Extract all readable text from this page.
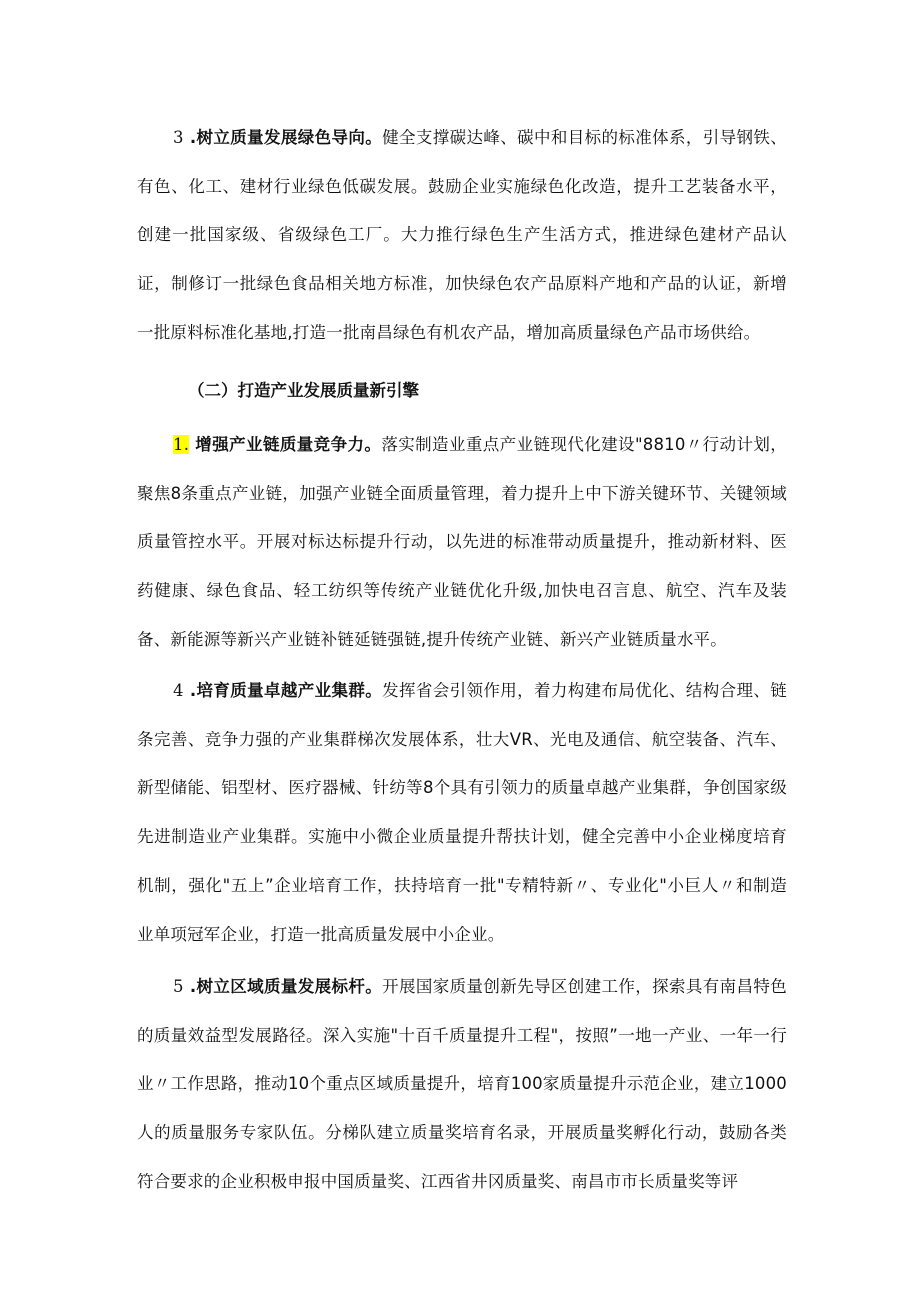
3 .树立质量发展绿色导向。健全支撑碳达峰、碳中和目标的标准体系，引导钢铁、有色、化工、建材行业绿色低碳发展。鼓励企业实施绿色化改造，提升工艺装备水平，创建一批国家级、省级绿色工厂。大力推行绿色生产生活方式，推进绿色建材产品认证，制修订一批绿色食品相关地方标准，加快绿色农产品原料产地和产品的认证，新增一批原料标准化基地,打造一批南昌绿色有机农产品，增加高质量绿色产品市场供给。

（二）打造产业发展质量新引擎

1. 增强产业链质量竞争力。落实制造业重点产业链现代化建设"8810〃行动计划，聚焦8条重点产业链，加强产业链全面质量管理，着力提升上中下游关键环节、关键领域质量管控水平。开展对标达标提升行动，以先进的标准带动质量提升，推动新材料、医药健康、绿色食品、轻工纺织等传统产业链优化升级,加快电召言息、航空、汽车及装备、新能源等新兴产业链补链延链强链,提升传统产业链、新兴产业链质量水平。

4 .培育质量卓越产业集群。发挥省会引领作用，着力构建布局优化、结构合理、链条完善、竞争力强的产业集群梯次发展体系，壮大VR、光电及通信、航空装备、汽车、新型储能、铝型材、医疗器械、针纺等8个具有引领力的质量卓越产业集群，争创国家级先进制造业产业集群。实施中小微企业质量提升帮扶计划，健全完善中小企业梯度培育机制，强化"五上”企业培育工作，扶持培育一批"专精特新〃、专业化"小巨人〃和制造业单项冠军企业，打造一批高质量发展中小企业。

5 .树立区域质量发展标杆。开展国家质量创新先导区创建工作，探索具有南昌特色的质量效益型发展路径。深入实施"十百千质量提升工程"，按照”一地一产业、一年一行业〃工作思路，推动10个重点区域质量提升，培育100家质量提升示范企业，建立1000人的质量服务专家队伍。分梯队建立质量奖培育名录，开展质量奖孵化行动，鼓励各类符合要求的企业积极申报中国质量奖、江西省井冈质量奖、南昌市市长质量奖等评
